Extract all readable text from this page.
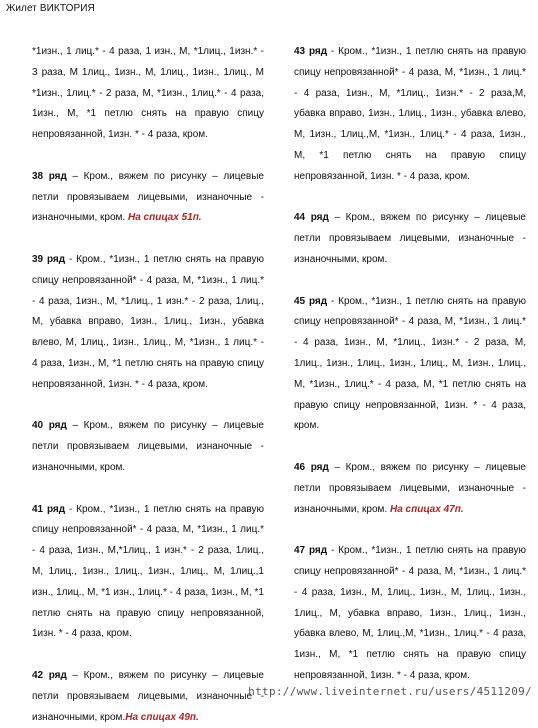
Жилет ВИКТОРИЯ

*1изн., 1 лиц.* - 4 раза, 1 изн., М, *1лиц., 1изн.* - 3 раза, М 1лиц., 1изн., М, 1лиц., 1изн., 1лиц., М *1изн., 1лиц.* - 2 раза, М, *1изн., 1лиц.* - 4 раза, 1изн., М, *1 петлю снять на правую спицу непровязанной, 1изн. * - 4 раза, кром.

38 ряд – Кром., вяжем по рисунку – лицевые петли провязываем лицевыми, изнаночные - изнаночными, кром. На спицах 51п.

39 ряд - Кром., *1изн., 1 петлю снять на правую спицу непровязанной* - 4 раза, М, *1изн., 1 лиц.* - 4 раза, 1изн., М, *1лиц., 1 изн.* - 2 раза, 1лиц., М, убавка вправо, 1изн., 1лиц., 1изн., убавка влево, М, 1лиц., 1изн., 1лиц., М, *1изн., 1 лиц.* - 4 раза, 1изн., М, *1 петлю снять на правую спицу непровязанной, 1изн. * - 4 раза, кром.

40 ряд – Кром., вяжем по рисунку – лицевые петли провязываем лицевыми, изнаночные - изнаночными, кром.

41 ряд - Кром., *1изн., 1 петлю снять на правую спицу непровязанной* - 4 раза, М, *1изн., 1 лиц.* - 4 раза, 1изн., М,*1лиц., 1 изн.* - 2 раза, 1лиц., М, 1лиц., 1изн., 1лиц., 1изн., 1лиц., М, 1лиц.,1 изн., 1лиц., М, *1 изн., 1лиц.* - 4 раза, 1изн., М, *1 петлю снять на правую спицу непровязанной, 1изн. * - 4 раза, кром.

42 ряд – Кром., вяжем по рисунку – лицевые петли провязываем лицевыми, изнаночные - изнаночными, кром.На спицах 49п.

43 ряд - Кром., *1изн., 1 петлю снять на правую спицу непровязанной* - 4 раза, М, *1изн., 1 лиц.* - 4 раза, 1изн., М, *1лиц., 1изн.* - 2 раза,М, убавка вправо, 1изн., 1лиц., 1изн., убавка влево, М, 1изн., 1лиц.,М, *1изн., 1лиц.* - 4 раза, 1изн., М, *1 петлю снять на правую спицу непровязанной, 1изн. * - 4 раза, кром.

44 ряд – Кром., вяжем по рисунку – лицевые петли провязываем лицевыми, изнаночные - изнаночными, кром.

45 ряд - Кром., *1изн., 1 петлю снять на правую спицу непровязанной* - 4 раза, М, *1изн., 1 лиц.* - 4 раза, 1изн., М, *1лиц., 1изн.* - 2 раза, М, 1лиц., 1изн., 1лиц., 1изн., 1лиц., М, 1изн., 1лиц., М, *1изн., 1лиц.* - 4 раза, М, *1 петлю снять на правую спицу непровязанной, 1изн. * - 4 раза, кром.

46 ряд – Кром., вяжем по рисунку – лицевые петли провязываем лицевыми, изнаночные - изнаночными, кром. На спицах 47п.

47 ряд - Кром., *1изн., 1 петлю снять на правую спицу непровязанной* - 4 раза, М, *1изн., 1 лиц.* - 4 раза, 1изн., М, 1лиц., 1изн., М, 1лиц., 1изн., 1лиц., М, убавка вправо, 1изн., 1лиц., 1изн., убавка влево, М, 1лиц.,М, *1изн., 1лиц.* - 4 раза, 1изн., М, *1 петлю снять на правую спицу непровязанной, 1изн. * - 4 раза, кром.

http://www.liveinternet.ru/users/4511209/
